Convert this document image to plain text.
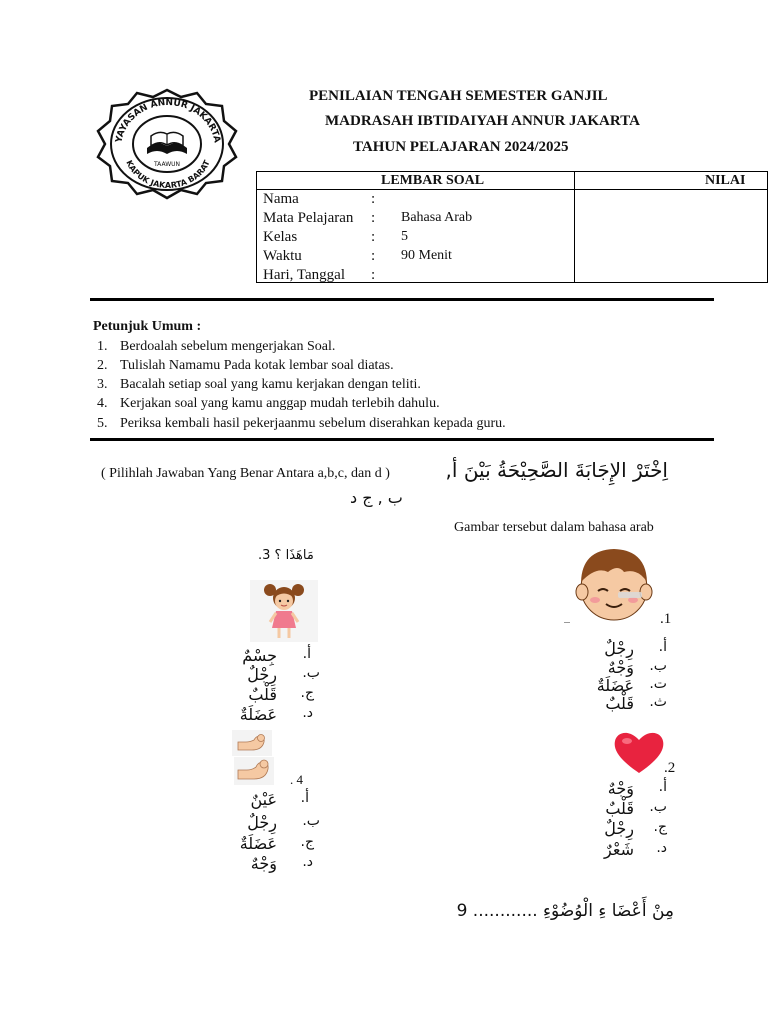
YAYASAN ANNUR JAKARTA
KAPUK JAKARTA BARAT
TAAWUN
PENILAIAN TENGAH SEMESTER GANJIL
MADRASAH IBTIDAIYAH ANNUR JAKARTA
TAHUN PELAJARAN 2024/2025
LEMBAR SOAL	NILAI
Nama	:
Mata Pelajaran : Bahasa Arab
Kelas	: 5
Waktu	: 90 Menit
Hari, Tanggal :
Petunjuk Umum :
1. Berdoalah sebelum mengerjakan Soal.
2. Tulislah Namamu Pada kotak lembar soal diatas.
3. Bacalah setiap soal yang kamu kerjakan dengan teliti.
4. Kerjakan soal yang kamu anggap mudah terlebih dahulu.
5. Periksa kembali hasil pekerjaanmu sebelum diserahkan kepada guru.
( Pilihlah Jawaban Yang Benar Antara a,b,c, dan d )	اِخْتَرْ الإِجَابَةَ الصَّحِيْحَةُ بَيْنَ أ,
ب , ج د
Gambar tersebut dalam bahasa arab
.1
أ.
رِجْلٌ
ب.
وَجْهٌ
ت.
عَضَلَةٌ
ث.
قَلْبٌ
.2
أ.
وَجْهٌ
ب.
قَلْبٌ
ج.
رِجْلٌ
د.
شَعْرٌ
مَاهَذَا ؟ 3.
أ.
جِسْمٌ
ب.
رِجْلٌ
ج.
قَلْبٌ
د.
عَضَلَةٌ
. 4
أ.
عَيْنٌ
ب.
رِجْلٌ
ج.
عَضَلَةٌ
د.
وَجْهٌ
مِنْ أَعْضَا ءِ الْوُضُوْءِ ............ 9
